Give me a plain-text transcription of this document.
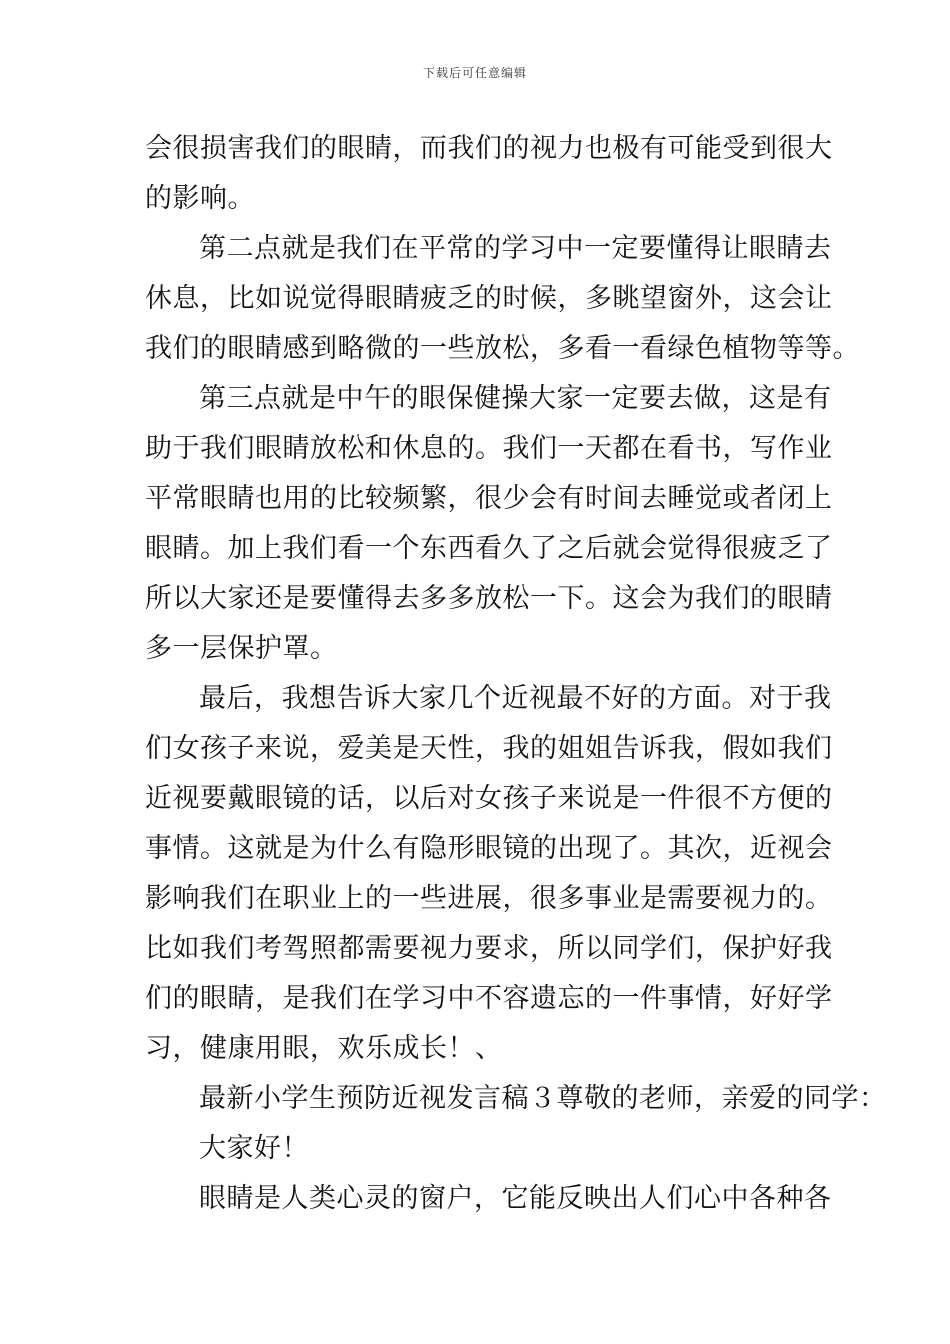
下载后可任意编辑
会很损害我们的眼睛，而我们的视力也极有可能受到很大
的影响。
第二点就是我们在平常的学习中一定要懂得让眼睛去
休息，比如说觉得眼睛疲乏的时候，多眺望窗外，这会让
我们的眼睛感到略微的一些放松，多看一看绿色植物等等。
第三点就是中午的眼保健操大家一定要去做，这是有
助于我们眼睛放松和休息的。我们一天都在看书，写作业
平常眼睛也用的比较频繁，很少会有时间去睡觉或者闭上
眼睛。加上我们看一个东西看久了之后就会觉得很疲乏了
所以大家还是要懂得去多多放松一下。这会为我们的眼睛
多一层保护罩。
最后，我想告诉大家几个近视最不好的方面。对于我
们女孩子来说，爱美是天性，我的姐姐告诉我，假如我们
近视要戴眼镜的话，以后对女孩子来说是一件很不方便的
事情。这就是为什么有隐形眼镜的出现了。其次，近视会
影响我们在职业上的一些进展，很多事业是需要视力的。
比如我们考驾照都需要视力要求，所以同学们，保护好我
们的眼睛，是我们在学习中不容遗忘的一件事情，好好学
习，健康用眼，欢乐成长！、
最新小学生预防近视发言稿３尊敬的老师，亲爱的同学：
大家好！
眼睛是人类心灵的窗户，它能反映出人们心中各种各
